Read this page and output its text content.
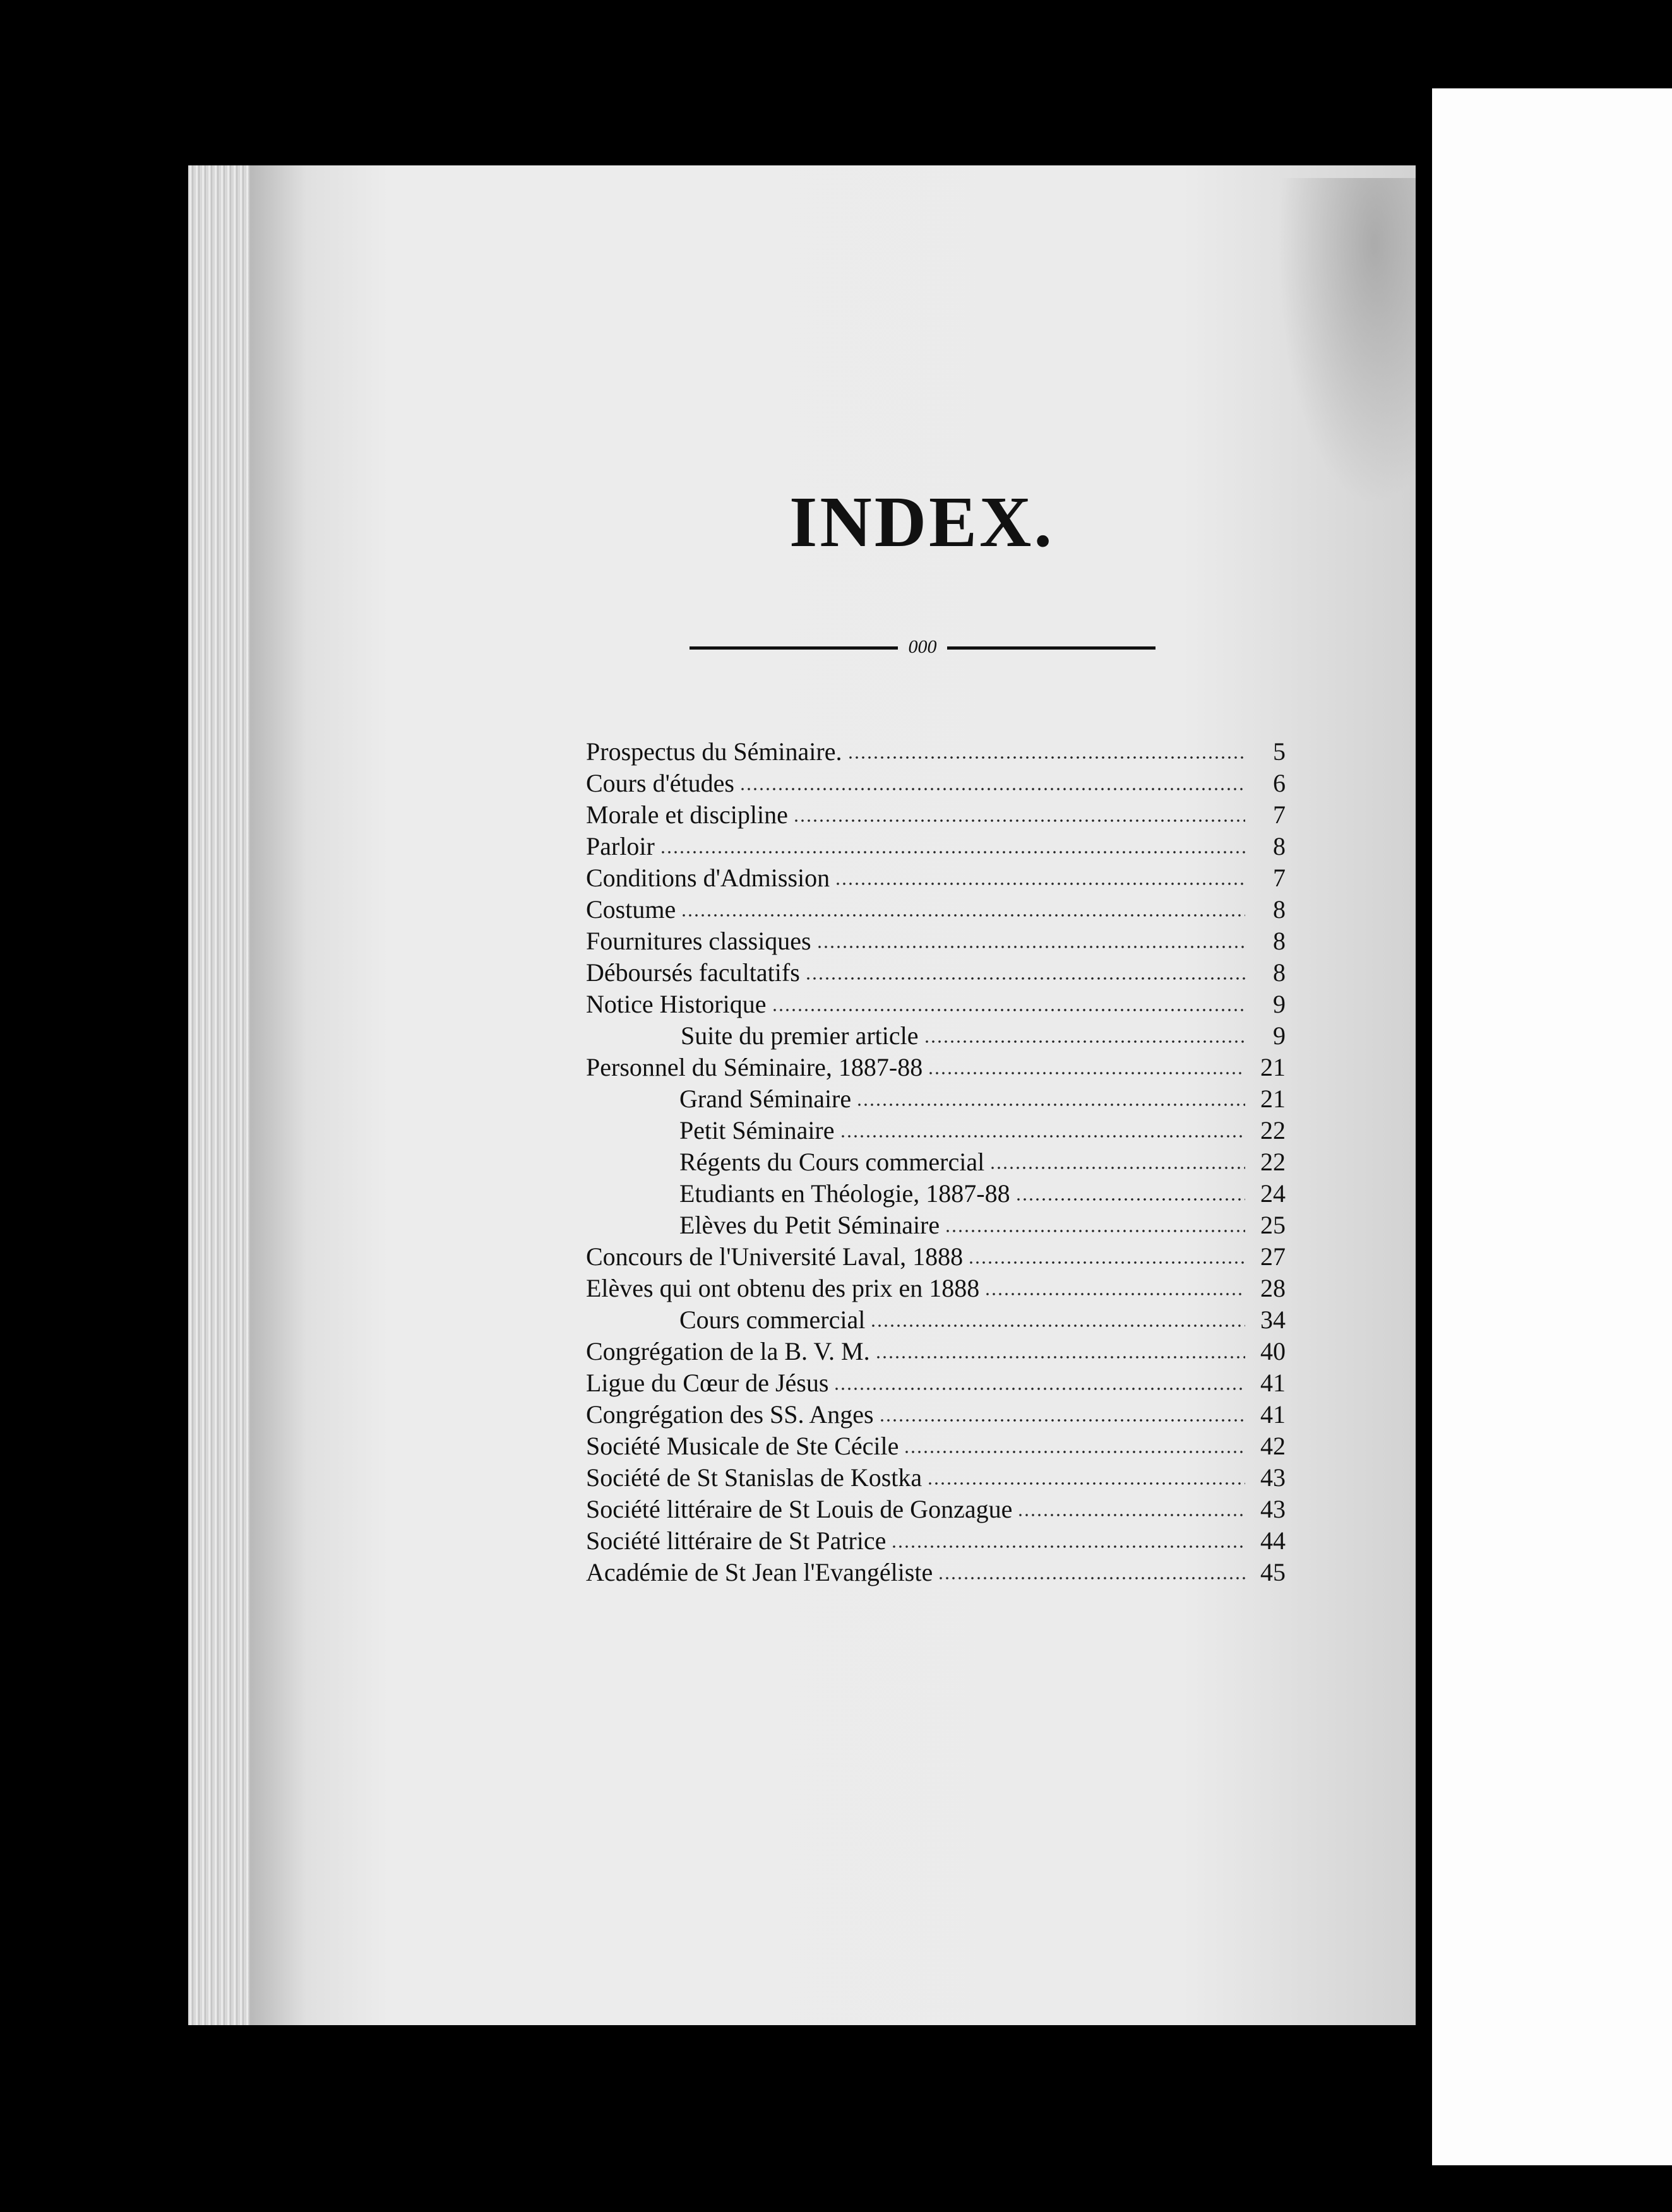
INDEX.
000
Prospectus du Séminaire.	5
Cours d'études	6
Morale et discipline	7
Parloir	8
Conditions d'Admission	7
Costume	8
Fournitures classiques	8
Déboursés facultatifs	8
Notice Historique	9
Suite du premier article	9
Personnel du Séminaire, 1887-88	21
Grand Séminaire	21
Petit Séminaire	22
Régents du Cours commercial	22
Etudiants en Théologie, 1887-88	24
Elèves du Petit Séminaire	25
Concours de l'Université Laval, 1888	27
Elèves qui ont obtenu des prix en 1888	28
Cours commercial	34
Congrégation de la B. V. M.	40
Ligue du Cœur de Jésus	41
Congrégation des SS. Anges	41
Société Musicale de Ste Cécile	42
Société de St Stanislas de Kostka	43
Société littéraire de St Louis de Gonzague	43
Société littéraire de St Patrice	44
Académie de St Jean l'Evangéliste	45
